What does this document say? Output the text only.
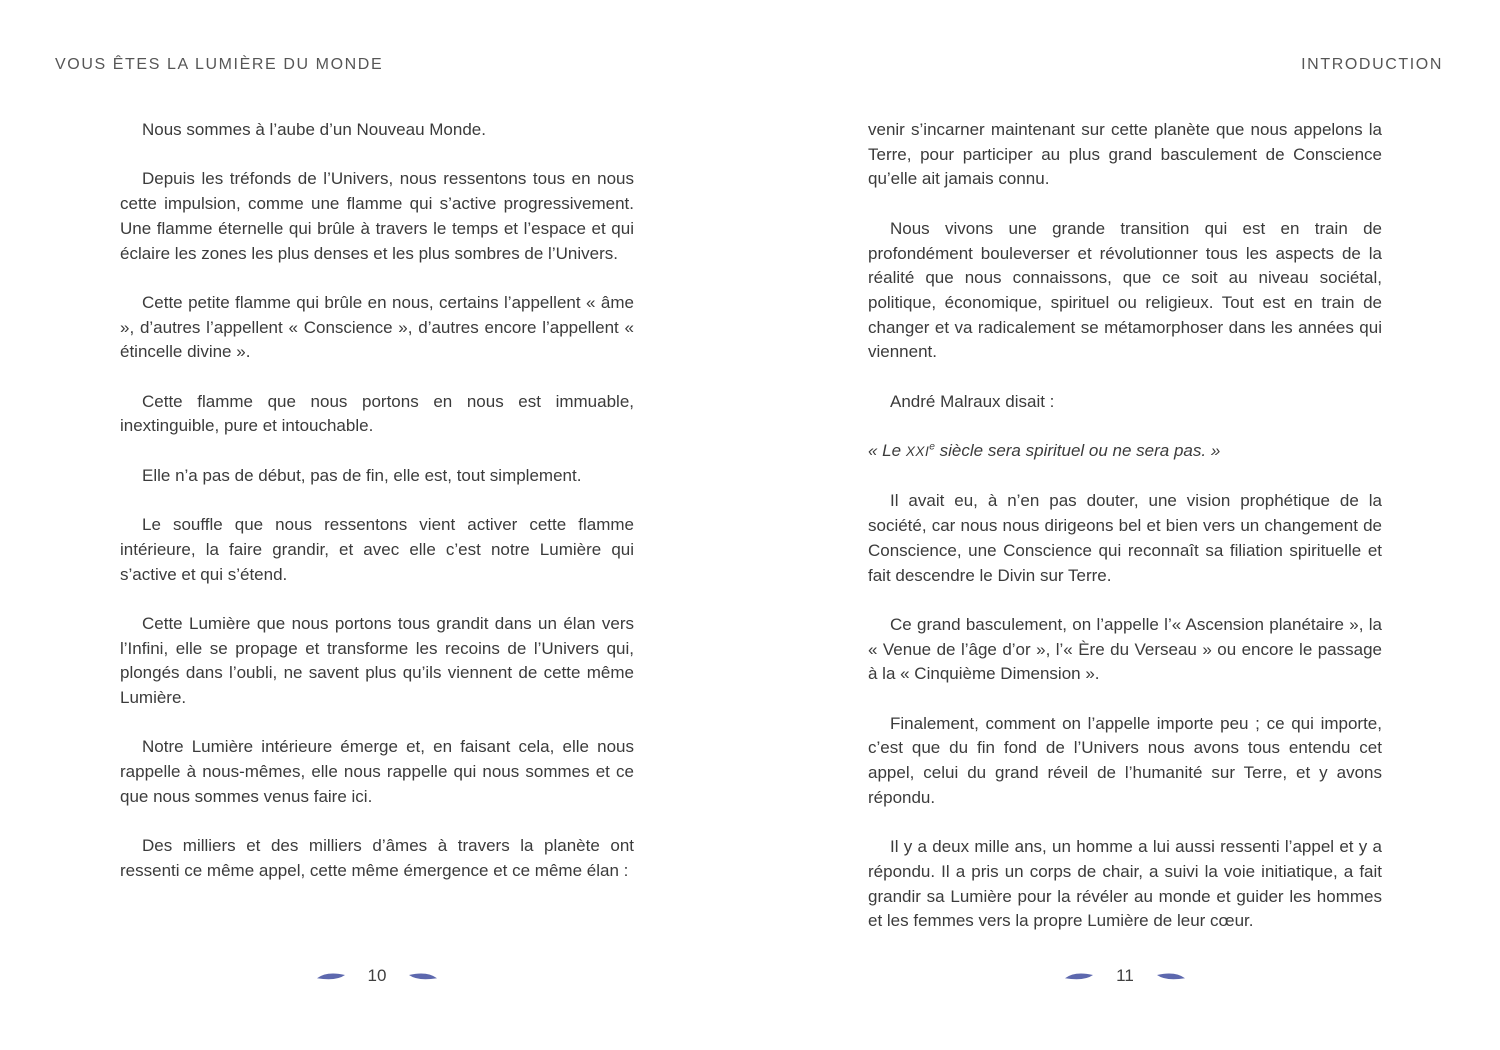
VOUS ÊTES LA LUMIÈRE DU MONDE

Nous sommes à l’aube d’un Nouveau Monde.

Depuis les tréfonds de l’Univers, nous ressentons tous en nous cette impulsion, comme une flamme qui s’active progressivement. Une flamme éternelle qui brûle à travers le temps et l’espace et qui éclaire les zones les plus denses et les plus sombres de l’Univers.

Cette petite flamme qui brûle en nous, certains l’appellent « âme », d’autres l’appellent « Conscience », d’autres encore l’appellent « étincelle divine ».

Cette flamme que nous portons en nous est immuable, inextinguible, pure et intouchable.

Elle n’a pas de début, pas de fin, elle est, tout simplement.

Le souffle que nous ressentons vient activer cette flamme intérieure, la faire grandir, et avec elle c’est notre Lumière qui s’active et qui s’étend.

Cette Lumière que nous portons tous grandit dans un élan vers l’Infini, elle se propage et transforme les recoins de l’Univers qui, plongés dans l’oubli, ne savent plus qu’ils viennent de cette même Lumière.

Notre Lumière intérieure émerge et, en faisant cela, elle nous rappelle à nous-mêmes, elle nous rappelle qui nous sommes et ce que nous sommes venus faire ici.

Des milliers et des milliers d’âmes à travers la planète ont ressenti ce même appel, cette même émergence et ce même élan :

10
INTRODUCTION

venir s’incarner maintenant sur cette planète que nous appelons la Terre, pour participer au plus grand basculement de Conscience qu’elle ait jamais connu.

Nous vivons une grande transition qui est en train de profondément bouleverser et révolutionner tous les aspects de la réalité que nous connaissons, que ce soit au niveau sociétal, politique, économique, spirituel ou religieux. Tout est en train de changer et va radicalement se métamorphoser dans les années qui viennent.

André Malraux disait :

« Le XXIe siècle sera spirituel ou ne sera pas. »

Il avait eu, à n’en pas douter, une vision prophétique de la société, car nous nous dirigeons bel et bien vers un changement de Conscience, une Conscience qui reconnaît sa filiation spirituelle et fait descendre le Divin sur Terre.

Ce grand basculement, on l’appelle l’« Ascension planétaire », la « Venue de l’âge d’or », l’« Ère du Verseau » ou encore le passage à la « Cinquième Dimension ».

Finalement, comment on l’appelle importe peu ; ce qui importe, c’est que du fin fond de l’Univers nous avons tous entendu cet appel, celui du grand réveil de l’humanité sur Terre, et y avons répondu.

Il y a deux mille ans, un homme a lui aussi ressenti l’appel et y a répondu. Il a pris un corps de chair, a suivi la voie initiatique, a fait grandir sa Lumière pour la révéler au monde et guider les hommes et les femmes vers la propre Lumière de leur cœur.

11
